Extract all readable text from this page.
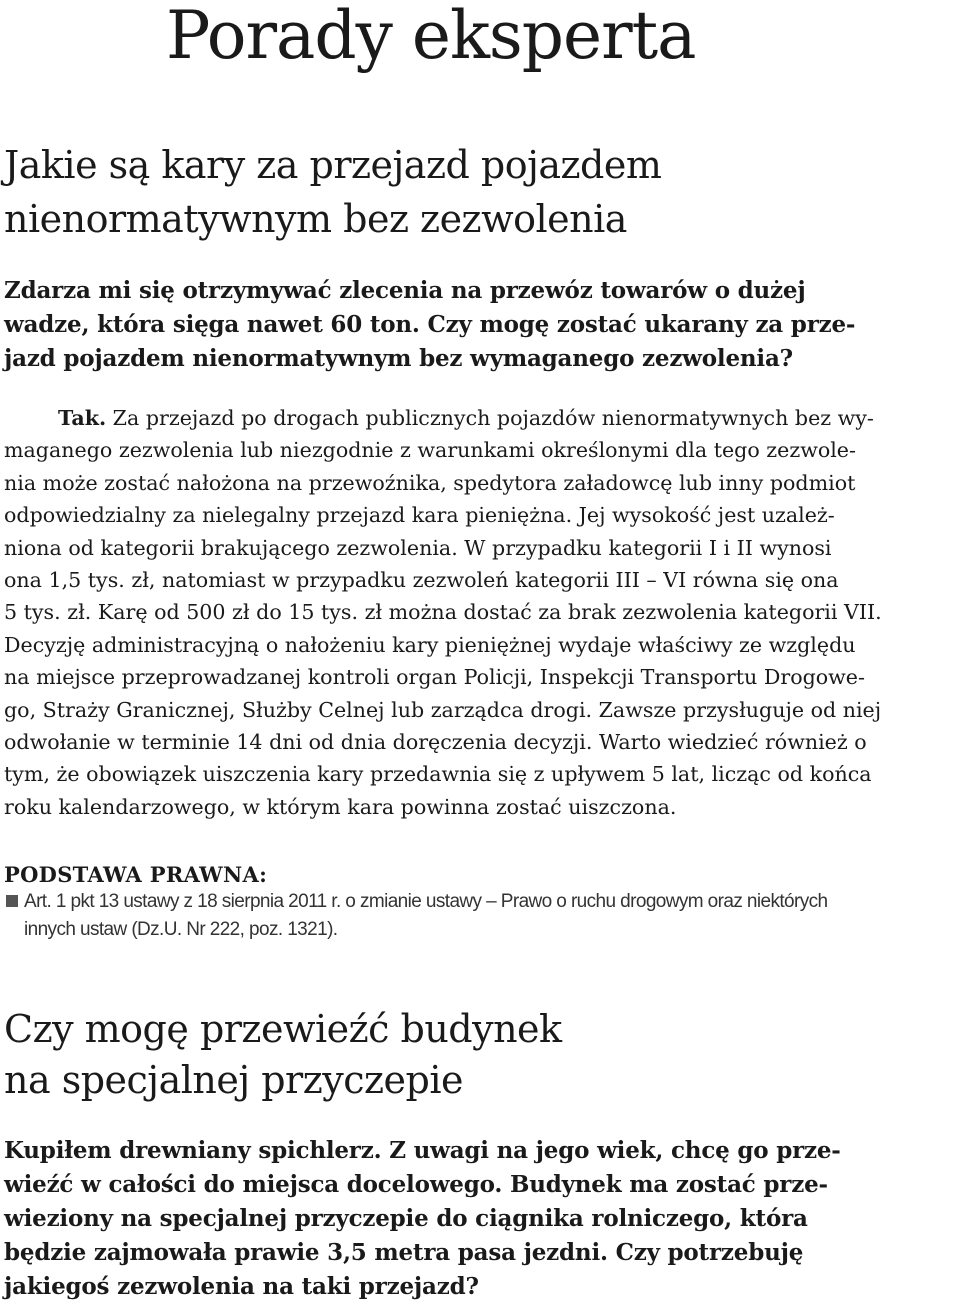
Porady eksperta
Jakie są kary za przejazd pojazdem
nienormatywnym bez zezwolenia
Zdarza mi się otrzymywać zlecenia na przewóz towarów o dużej
wadze, która sięga nawet 60 ton. Czy mogę zostać ukarany za prze-
jazd pojazdem nienormatywnym bez wymaganego zezwolenia?
Tak. Za przejazd po drogach publicznych pojazdów nienormatywnych bez wy-
maganego zezwolenia lub niezgodnie z warunkami określonymi dla tego zezwole-
nia może zostać nałożona na przewoźnika, spedytora załadowcę lub inny podmiot
odpowiedzialny za nielegalny przejazd kara pieniężna. Jej wysokość jest uzależ-
niona od kategorii brakującego zezwolenia. W przypadku kategorii I i II wynosi
ona 1,5 tys. zł, natomiast w przypadku zezwoleń kategorii III – VI równa się ona
5 tys. zł. Karę od 500 zł do 15 tys. zł można dostać za brak zezwolenia kategorii VII.
Decyzję administracyjną o nałożeniu kary pieniężnej wydaje właściwy ze względu
na miejsce przeprowadzanej kontroli organ Policji, Inspekcji Transportu Drogowe-
go, Straży Granicznej, Służby Celnej lub zarządca drogi. Zawsze przysługuje od niej
odwołanie w terminie 14 dni od dnia doręczenia decyzji. Warto wiedzieć również o
tym, że obowiązek uiszczenia kary przedawnia się z upływem 5 lat, licząc od końca
roku kalendarzowego, w którym kara powinna zostać uiszczona.
PODSTAWA PRAWNA:
Art. 1 pkt 13 ustawy z 18 sierpnia 2011 r. o zmianie ustawy – Prawo o ruchu drogowym oraz niektórych
innych ustaw (Dz.U. Nr 222, poz. 1321).
Czy mogę przewieźć budynek
na specjalnej przyczepie
Kupiłem drewniany spichlerz. Z uwagi na jego wiek, chcę go prze-
wieźć w całości do miejsca docelowego. Budynek ma zostać prze-
wieziony na specjalnej przyczepie do ciągnika rolniczego, która
będzie zajmowała prawie 3,5 metra pasa jezdni. Czy potrzebuję
jakiegoś zezwolenia na taki przejazd?
